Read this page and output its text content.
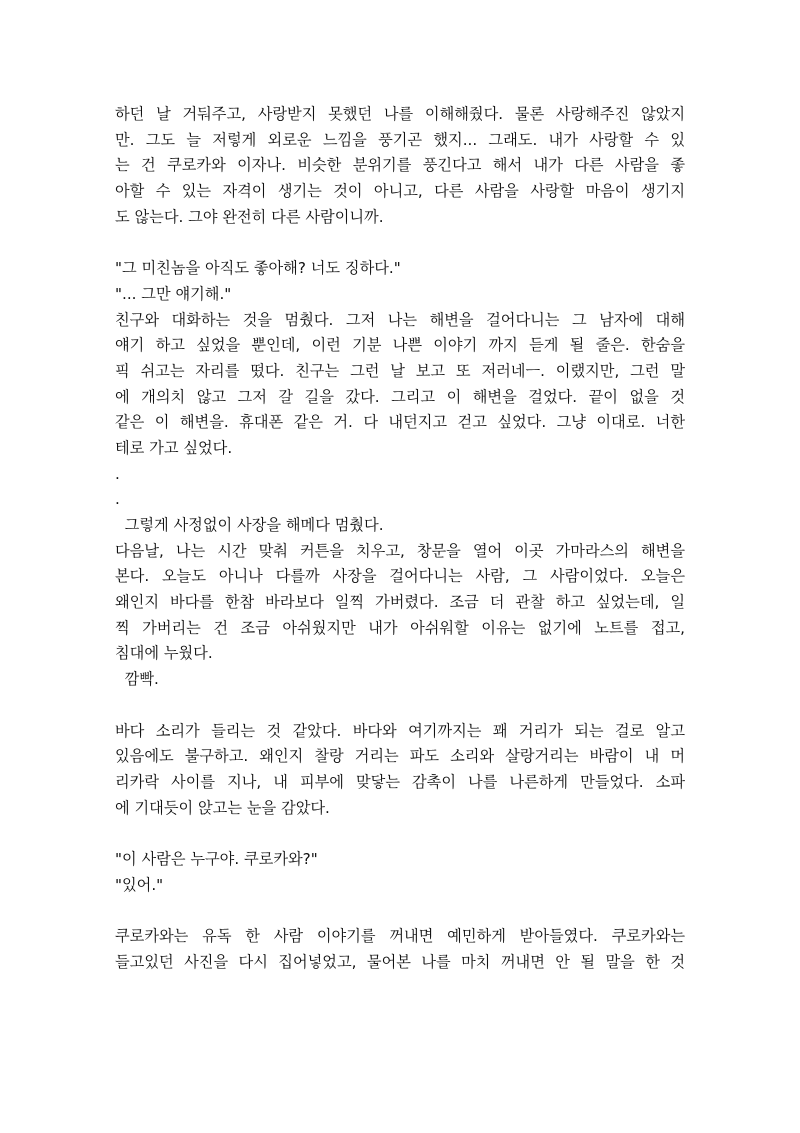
하던 날 거둬주고, 사랑받지 못했던 나를 이해해줬다. 물론 사랑해주진 않았지
만. 그도 늘 저렇게 외로운 느낌을 풍기곤 했지... 그래도. 내가 사랑할 수 있
는 건 쿠로카와 이자나. 비슷한 분위기를 풍긴다고 해서 내가 다른 사람을 좋
아할 수 있는 자격이 생기는 것이 아니고, 다른 사람을 사랑할 마음이 생기지
도 않는다. 그야 완전히 다른 사람이니까.
"그 미친놈을 아직도 좋아해? 너도 징하다."
"... 그만 얘기해."
친구와 대화하는 것을 멈췄다. 그저 나는 해변을 걸어다니는 그 남자에 대해
얘기 하고 싶었을 뿐인데, 이런 기분 나쁜 이야기 까지 듣게 될 줄은. 한숨을
픽 쉬고는 자리를 떴다. 친구는 그런 날 보고 또 저러네ㅡ. 이랬지만, 그런 말
에 개의치 않고 그저 갈 길을 갔다. 그리고 이 해변을 걸었다. 끝이 없을 것
같은 이 해변을. 휴대폰 같은 거. 다 내던지고 걷고 싶었다. 그냥 이대로. 너한
테로 가고 싶었다.
.
.
그렇게 사정없이 사장을 해메다 멈췄다.
다음날, 나는 시간 맞춰 커튼을 치우고, 창문을 열어 이곳 가마라스의 해변을
본다. 오늘도 아니나 다를까 사장을 걸어다니는 사람, 그 사람이었다. 오늘은
왜인지 바다를 한참 바라보다 일찍 가버렸다. 조금 더 관찰 하고 싶었는데, 일
찍 가버리는 건 조금 아쉬웠지만 내가 아쉬워할 이유는 없기에 노트를 접고,
침대에 누웠다.
깜빡.
바다 소리가 들리는 것 같았다. 바다와 여기까지는 꽤 거리가 되는 걸로 알고
있음에도 불구하고. 왜인지 찰랑 거리는 파도 소리와 살랑거리는 바람이 내 머
리카락 사이를 지나, 내 피부에 맞닿는 감촉이 나를 나른하게 만들었다. 소파
에 기대듯이 앉고는 눈을 감았다.
"이 사람은 누구야. 쿠로카와?"
"있어."
쿠로카와는 유독 한 사람 이야기를 꺼내면 예민하게 받아들였다. 쿠로카와는
들고있던 사진을 다시 집어넣었고, 물어본 나를 마치 꺼내면 안 될 말을 한 것
